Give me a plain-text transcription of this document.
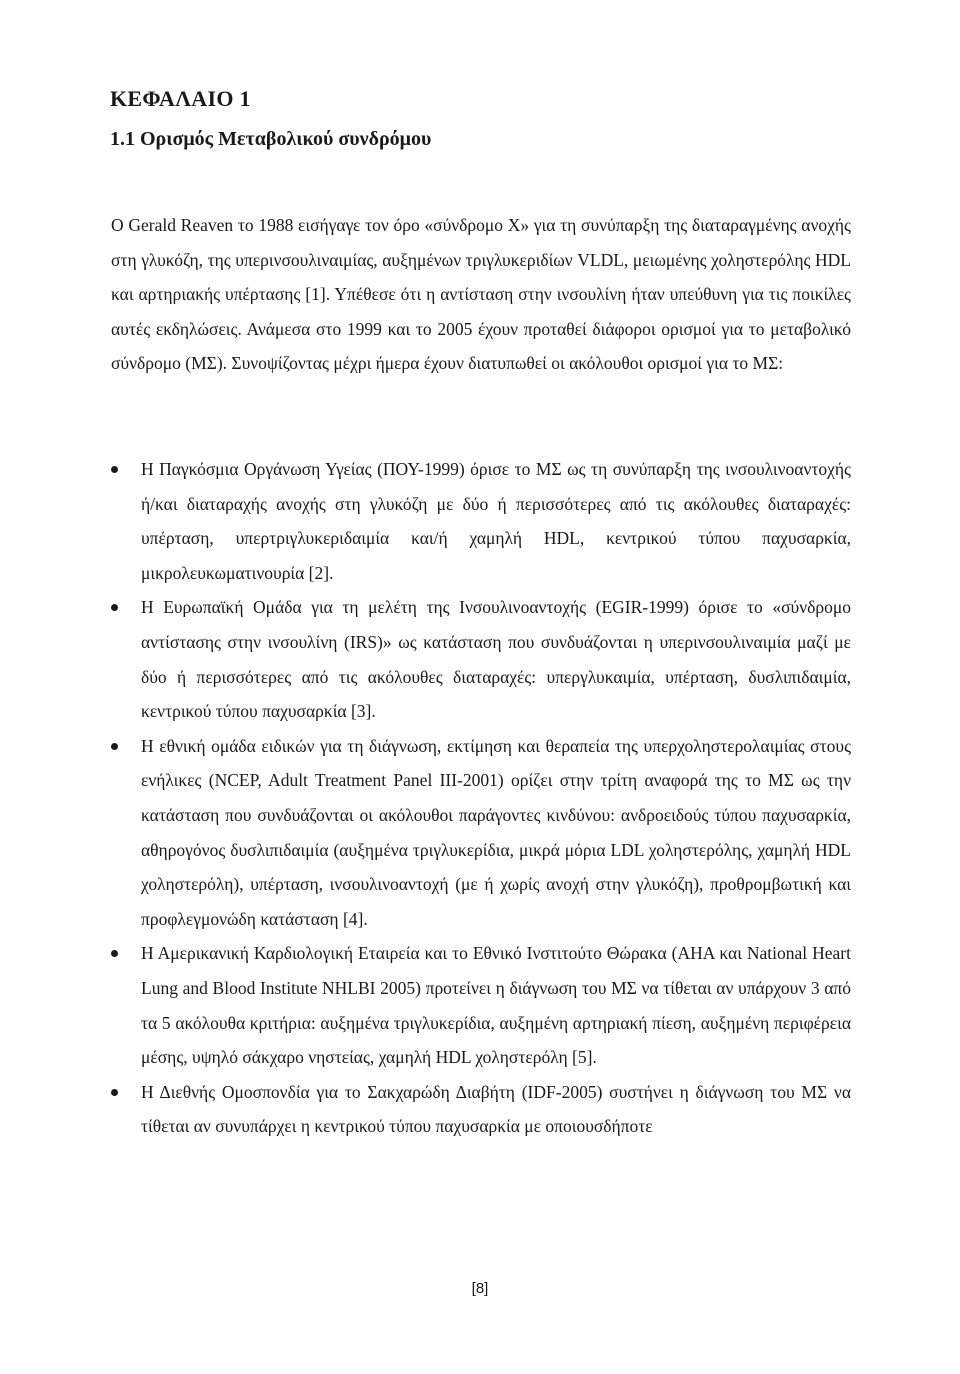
ΚΕΦΑΛΑΙΟ 1
1.1 Ορισμός Μεταβολικού συνδρόμου

Ο Gerald Reaven το 1988 εισήγαγε τον όρο «σύνδρομο Χ» για τη συνύπαρξη της διαταραγμένης ανοχής στη γλυκόζη, της υπερινσουλιναιμίας, αυξημένων τριγλυκεριδίων VLDL, μειωμένης χοληστερόλης HDL και αρτηριακής υπέρτασης [1]. Υπέθεσε ότι η αντίσταση στην ινσουλίνη ήταν υπεύθυνη για τις ποικίλες αυτές εκδηλώσεις. Ανάμεσα στο 1999 και το 2005 έχουν προταθεί διάφοροι ορισμοί για το μεταβολικό σύνδρομο (ΜΣ). Συνοψίζοντας μέχρι ήμερα έχουν διατυπωθεί οι ακόλουθοι ορισμοί για το ΜΣ:

Η Παγκόσμια Οργάνωση Υγείας (ΠΟΥ-1999) όρισε το ΜΣ ως τη συνύπαρξη της ινσουλινοαντοχής ή/και διαταραχής ανοχής στη γλυκόζη με δύο ή περισσότερες από τις ακόλουθες διαταραχές: υπέρταση, υπερτριγλυκεριδαιμία και/ή χαμηλή HDL, κεντρικού τύπου παχυσαρκία, μικρολευκωματινουρία [2].
Η Ευρωπαϊκή Ομάδα για τη μελέτη της Ινσουλινοαντοχής (EGIR-1999) όρισε το «σύνδρομο αντίστασης στην ινσουλίνη (IRS)» ως κατάσταση που συνδυάζονται η υπερινσουλιναιμία μαζί με δύο ή περισσότερες από τις ακόλουθες διαταραχές: υπεργλυκαιμία, υπέρταση, δυσλιπιδαιμία, κεντρικού τύπου παχυσαρκία [3].
Η εθνική ομάδα ειδικών για τη διάγνωση, εκτίμηση και θεραπεία της υπερχοληστερολαιμίας στους ενήλικες (NCEP, Adult Treatment Panel III-2001) ορίζει στην τρίτη αναφορά της το ΜΣ ως την κατάσταση που συνδυάζονται οι ακόλουθοι παράγοντες κινδύνου: ανδροειδούς τύπου παχυσαρκία, αθηρογόνος δυσλιπιδαιμία (αυξημένα τριγλυκερίδια, μικρά μόρια LDL χοληστερόλης, χαμηλή HDL χοληστερόλη), υπέρταση, ινσουλινοαντοχή (με ή χωρίς ανοχή στην γλυκόζη), προθρομβωτική και προφλεγμονώδη κατάσταση [4].
Η Αμερικανική Καρδιολογική Εταιρεία και το Εθνικό Ινστιτούτο Θώρακα (AHA και National Heart Lung and Blood Institute NHLBI 2005) προτείνει η διάγνωση του ΜΣ να τίθεται αν υπάρχουν 3 από τα 5 ακόλουθα κριτήρια: αυξημένα τριγλυκερίδια, αυξημένη αρτηριακή πίεση, αυξημένη περιφέρεια μέσης, υψηλό σάκχαρο νηστείας, χαμηλή HDL χοληστερόλη [5].
Η Διεθνής Ομοσπονδία για το Σακχαρώδη Διαβήτη (IDF-2005) συστήνει η διάγνωση του ΜΣ να τίθεται αν συνυπάρχει η κεντρικού τύπου παχυσαρκία με οποιουσδήποτε
[8]
